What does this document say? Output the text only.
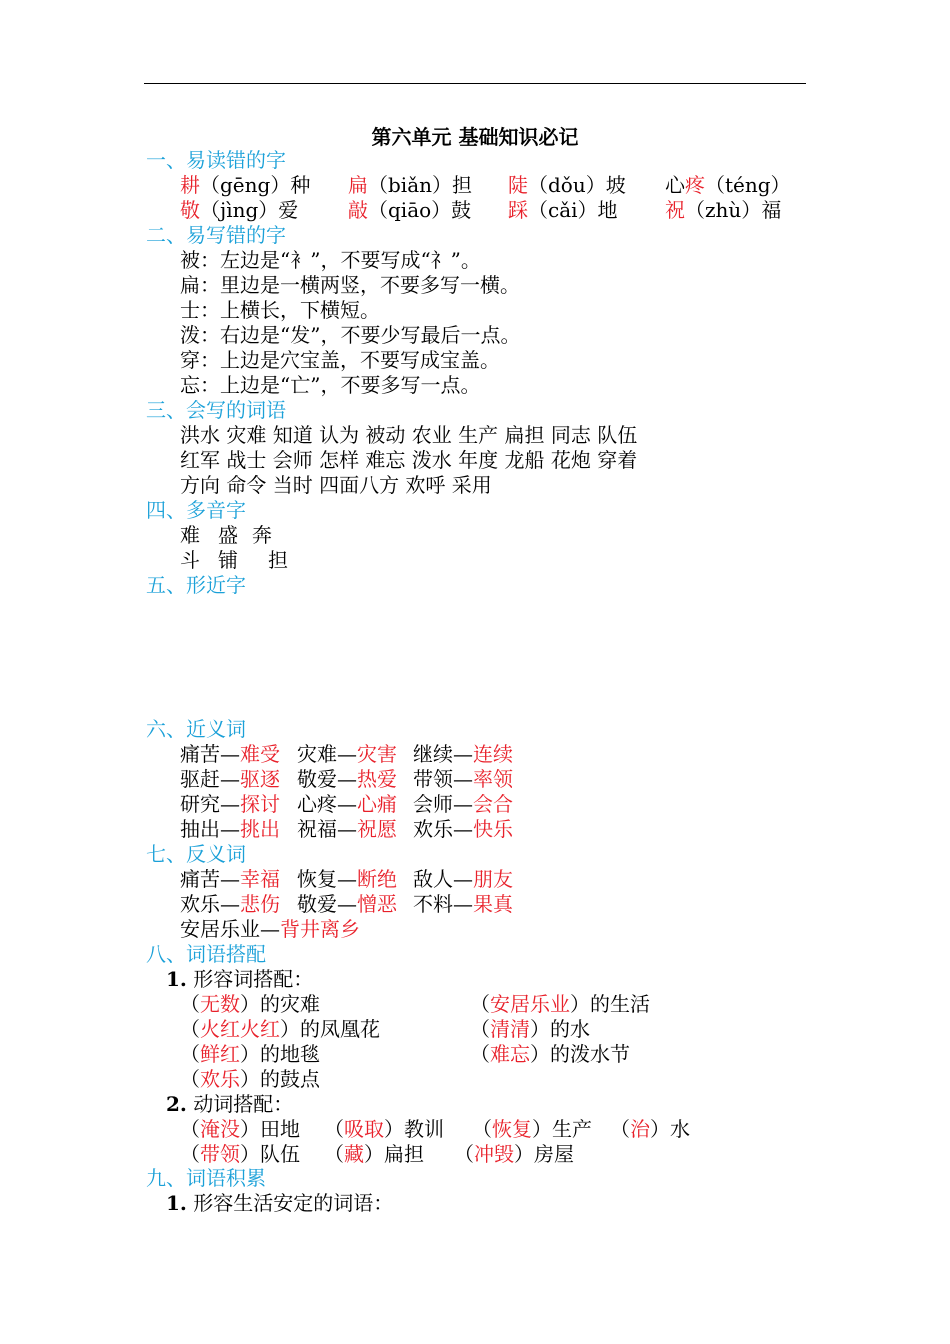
第六单元 基础知识必记
一、易读错的字
耕（gēng）种 扁（biǎn）担 陡（dǒu）坡 心疼（téng）
敬（jìng）爱 敲（qiāo）鼓 踩（cǎi）地 祝（zhù）福
二、易写错的字
被：左边是“衤”，不要写成“礻”。
扁：里边是一横两竖，不要多写一横。
士：上横长，下横短。
泼：右边是“发”，不要少写最后一点。
穿：上边是穴宝盖，不要写成宝盖。
忘：上边是“亡”，不要多写一点。
三、会写的词语
洪水 灾难 知道 认为 被动 农业 生产 扁担 同志 队伍
红军 战士 会师 怎样 难忘 泼水 年度 龙船 花炮 穿着
方向 命令 当时 四面八方 欢呼 采用
四、多音字
难 盛 奔
斗 铺 担
五、形近字
六、近义词
痛苦—难受 灾难—灾害 继续—连续
驱赶—驱逐 敬爱—热爱 带领—率领
研究—探讨 心疼—心痛 会师—会合
抽出—挑出 祝福—祝愿 欢乐—快乐
七、反义词
痛苦—幸福 恢复—断绝 敌人—朋友
欢乐—悲伤 敬爱—憎恶 不料—果真
安居乐业—背井离乡
八、词语搭配
1. 形容词搭配：
（无数）的灾难	（安居乐业）的生活
（火红火红）的凤凰花	（清清）的水
（鲜红）的地毯	（难忘）的泼水节
（欢乐）的鼓点
2. 动词搭配：
（淹没）田地 （吸取）教训 （恢复）生产 （治）水
（带领）队伍 （藏）扁担 （冲毁）房屋
九、词语积累
1. 形容生活安定的词语：
